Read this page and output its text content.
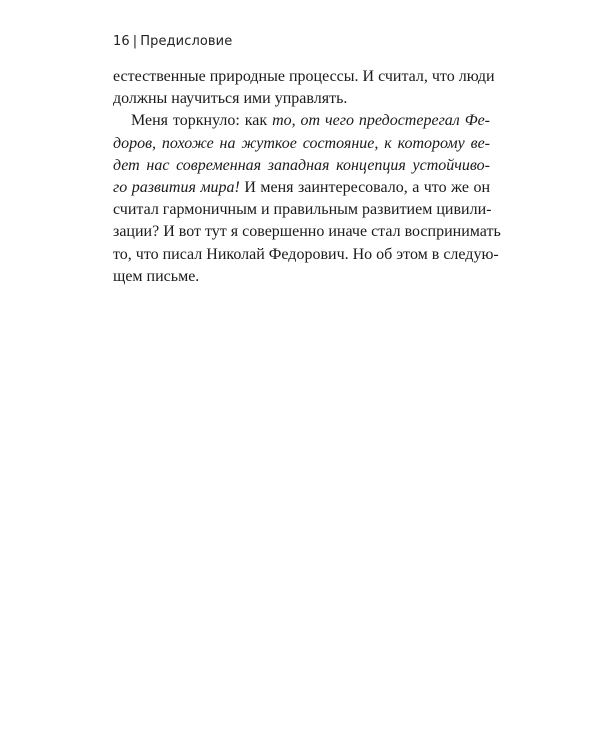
16 | Предисловие
естественные природные процессы. И считал, что люди
должны научиться ими управлять.
Меня торкнуло: как то, от чего предостерегал Фе-
доров, похоже на жуткое состояние, к которому ве-
дет нас современная западная концепция устойчиво-
го развития мира! И меня заинтересовало, а что же он
считал гармоничным и правильным развитием цивили-
зации? И вот тут я совершенно иначе стал воспринимать
то, что писал Николай Федорович. Но об этом в следую-
щем письме.
